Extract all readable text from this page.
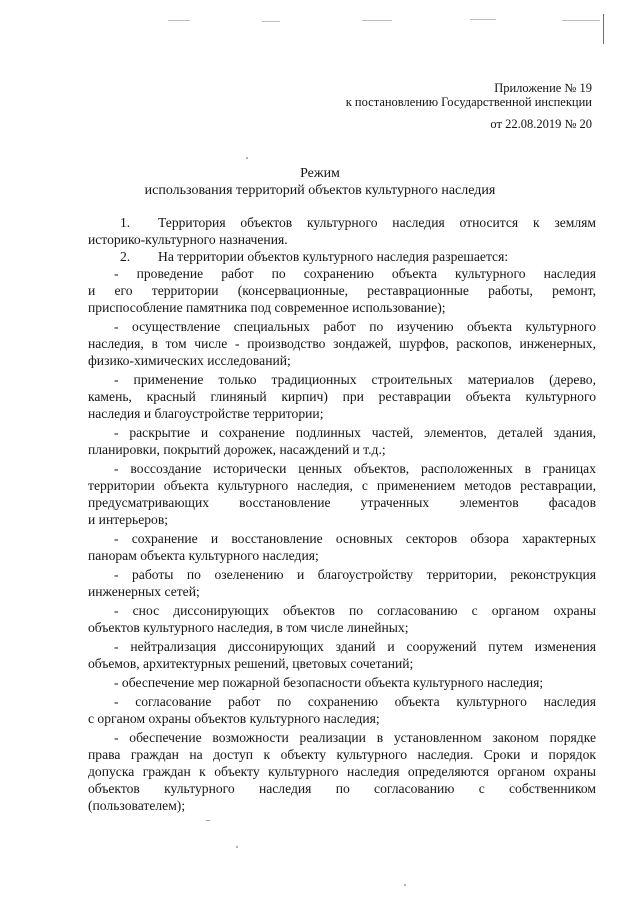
Приложение № 19
к постановлению Государственной инспекции
от 22.08.2019 № 20
Режим
использования территорий объектов культурного наследия
1. Территория объектов культурного наследия относится к землям
историко-культурного назначения.
2. На территории объектов культурного наследия разрешается:
- проведение работ по сохранению объекта культурного наследия
и его территории (консервационные, реставрационные работы, ремонт,
приспособление памятника под современное использование);
- осуществление специальных работ по изучению объекта культурного
наследия, в том числе - производство зондажей, шурфов, раскопов, инженерных,
физико-химических исследований;
- применение только традиционных строительных материалов (дерево,
камень, красный глиняный кирпич) при реставрации объекта культурного
наследия и благоустройстве территории;
- раскрытие и сохранение подлинных частей, элементов, деталей здания,
планировки, покрытий дорожек, насаждений и т.д.;
- воссоздание исторически ценных объектов, расположенных в границах
территории объекта культурного наследия, с применением методов реставрации,
предусматривающих восстановление утраченных элементов фасадов
и интерьеров;
- сохранение и восстановление основных секторов обзора характерных
панорам объекта культурного наследия;
- работы по озеленению и благоустройству территории, реконструкция
инженерных сетей;
- снос диссонирующих объектов по согласованию с органом охраны
объектов культурного наследия, в том числе линейных;
- нейтрализация диссонирующих зданий и сооружений путем изменения
объемов, архитектурных решений, цветовых сочетаний;
- обеспечение мер пожарной безопасности объекта культурного наследия;
- согласование работ по сохранению объекта культурного наследия
с органом охраны объектов культурного наследия;
- обеспечение возможности реализации в установленном законом порядке
права граждан на доступ к объекту культурного наследия. Сроки и порядок
допуска граждан к объекту культурного наследия определяются органом охраны
объектов культурного наследия по согласованию с собственником
(пользователем);
